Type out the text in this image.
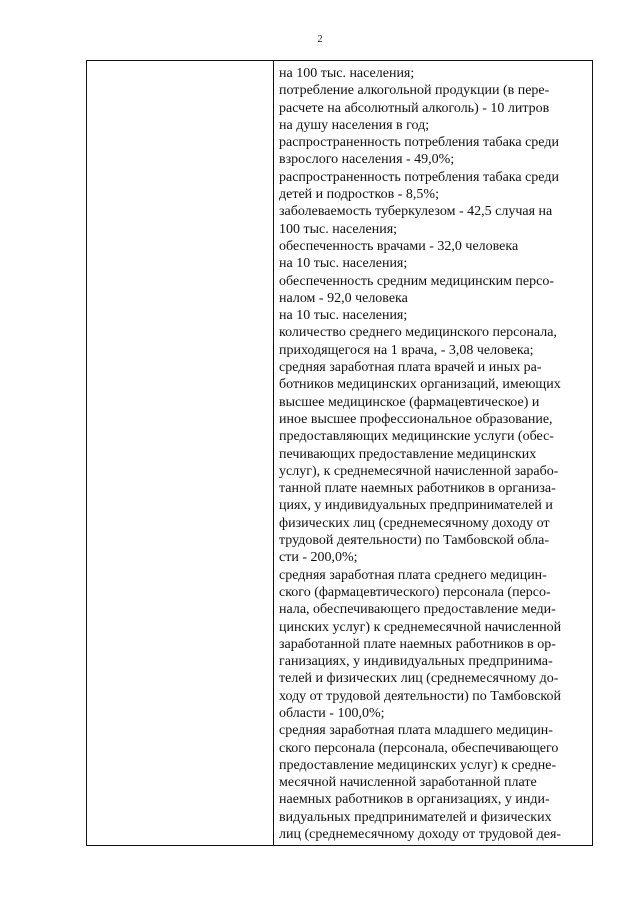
2
на 100 тыс. населения;
потребление алкогольной продукции (в пере-
расчете на абсолютный алкоголь) - 10 литров
на душу населения в год;
распространенность потребления табака среди
взрослого населения - 49,0%;
распространенность потребления табака среди
детей и подростков - 8,5%;
заболеваемость туберкулезом - 42,5 случая на
100 тыс. населения;
обеспеченность врачами - 32,0 человека
на 10 тыс. населения;
обеспеченность средним медицинским персо-
налом - 92,0 человека
на 10 тыс. населения;
количество среднего медицинского персонала,
приходящегося на 1 врача, - 3,08 человека;
средняя заработная плата врачей и иных ра-
ботников медицинских организаций, имеющих
высшее медицинское (фармацевтическое) и
иное высшее профессиональное образование,
предоставляющих медицинские услуги (обес-
печивающих предоставление медицинских
услуг), к среднемесячной начисленной зарабо-
танной плате наемных работников в организа-
циях, у индивидуальных предпринимателей и
физических лиц (среднемесячному доходу от
трудовой деятельности) по Тамбовской обла-
сти - 200,0%;
средняя заработная плата среднего медицин-
ского (фармацевтического) персонала (персо-
нала, обеспечивающего предоставление меди-
цинских услуг) к среднемесячной начисленной
заработанной плате наемных работников в ор-
ганизациях, у индивидуальных предпринима-
телей и физических лиц (среднемесячному до-
ходу от трудовой деятельности) по Тамбовской
области - 100,0%;
средняя заработная плата младшего медицин-
ского персонала (персонала, обеспечивающего
предоставление медицинских услуг) к средне-
месячной начисленной заработанной плате
наемных работников в организациях, у инди-
видуальных предпринимателей и физических
лиц (среднемесячному доходу от трудовой дея-
